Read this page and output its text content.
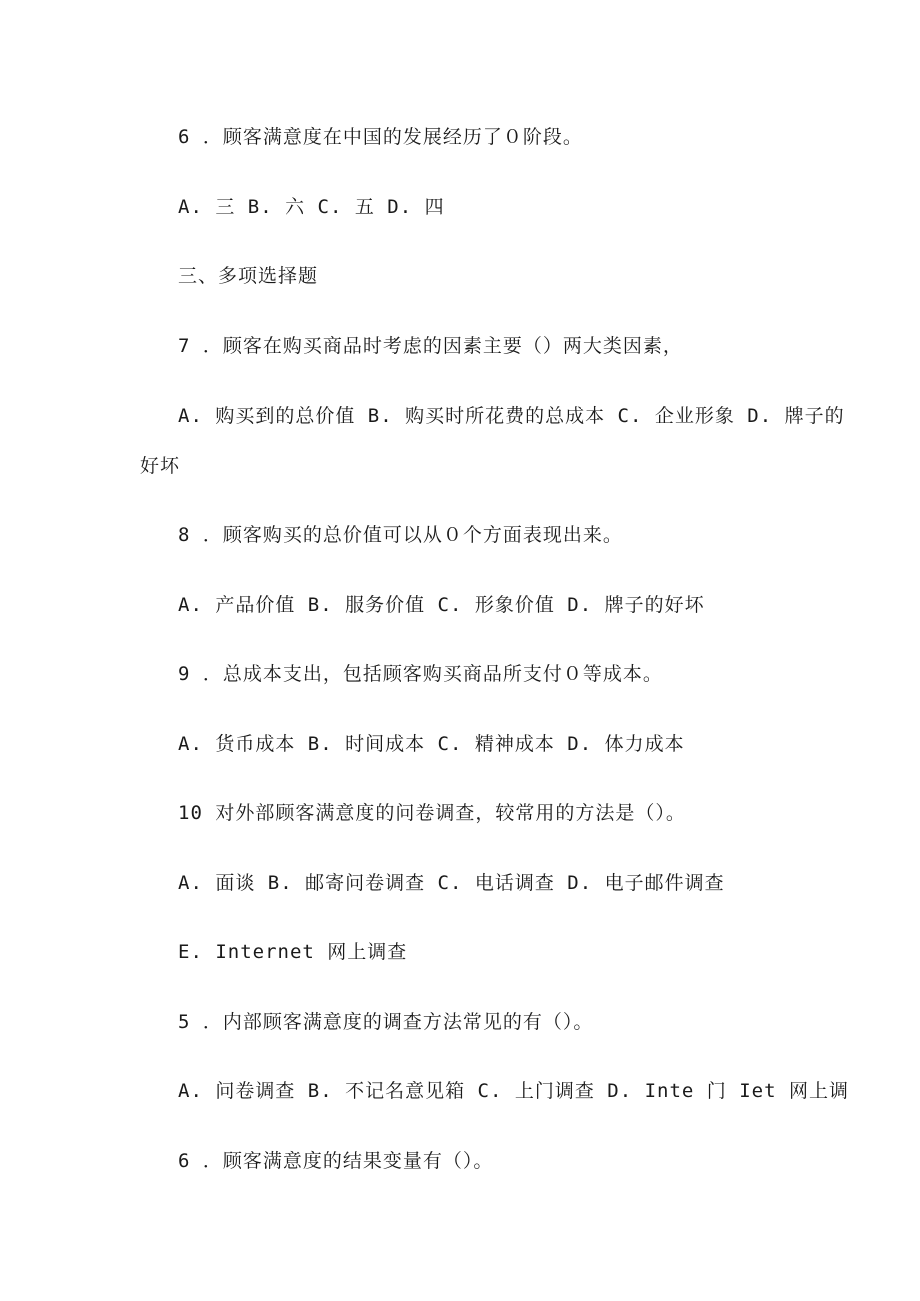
6 ．顾客满意度在中国的发展经历了０阶段。
A. 三 B. 六 C. 五 D. 四
三、多项选择题
7 ．顾客在购买商品时考虑的因素主要（）两大类因素，
A. 购买到的总价值 B. 购买时所花费的总成本 C. 企业形象 D. 牌子的
好坏
8 ．顾客购买的总价值可以从０个方面表现出来。
A. 产品价值 B. 服务价值 C. 形象价值 D. 牌子的好坏
9 ．总成本支出，包括顾客购买商品所支付０等成本。
A. 货币成本 B. 时间成本 C. 精神成本 D. 体力成本
10 对外部顾客满意度的问卷调查，较常用的方法是（）。
A. 面谈 B. 邮寄问卷调查 C. 电话调查 D. 电子邮件调查
E. Internet 网上调查
5 ．内部顾客满意度的调查方法常见的有（）。
A. 问卷调查 B. 不记名意见箱 C. 上门调查 D. Inte 门 Iet 网上调
6 ．顾客满意度的结果变量有（）。
